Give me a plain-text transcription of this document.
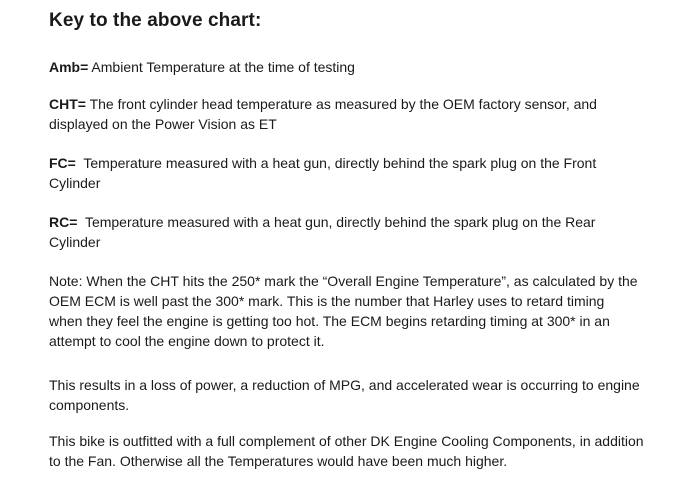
Key to the above chart:
Amb= Ambient Temperature at the time of testing
CHT= The front cylinder head temperature as measured by the OEM factory sensor, and
displayed on the Power Vision as ET
FC= Temperature measured with a heat gun, directly behind the spark plug on the Front
Cylinder
RC= Temperature measured with a heat gun, directly behind the spark plug on the Rear
Cylinder
Note: When the CHT hits the 250* mark the “Overall Engine Temperature”, as calculated by the
OEM ECM is well past the 300* mark. This is the number that Harley uses to retard timing
when they feel the engine is getting too hot. The ECM begins retarding timing at 300* in an
attempt to cool the engine down to protect it.
This results in a loss of power, a reduction of MPG, and accelerated wear is occurring to engine
components.
This bike is outfitted with a full complement of other DK Engine Cooling Components, in addition
to the Fan. Otherwise all the Temperatures would have been much higher.
